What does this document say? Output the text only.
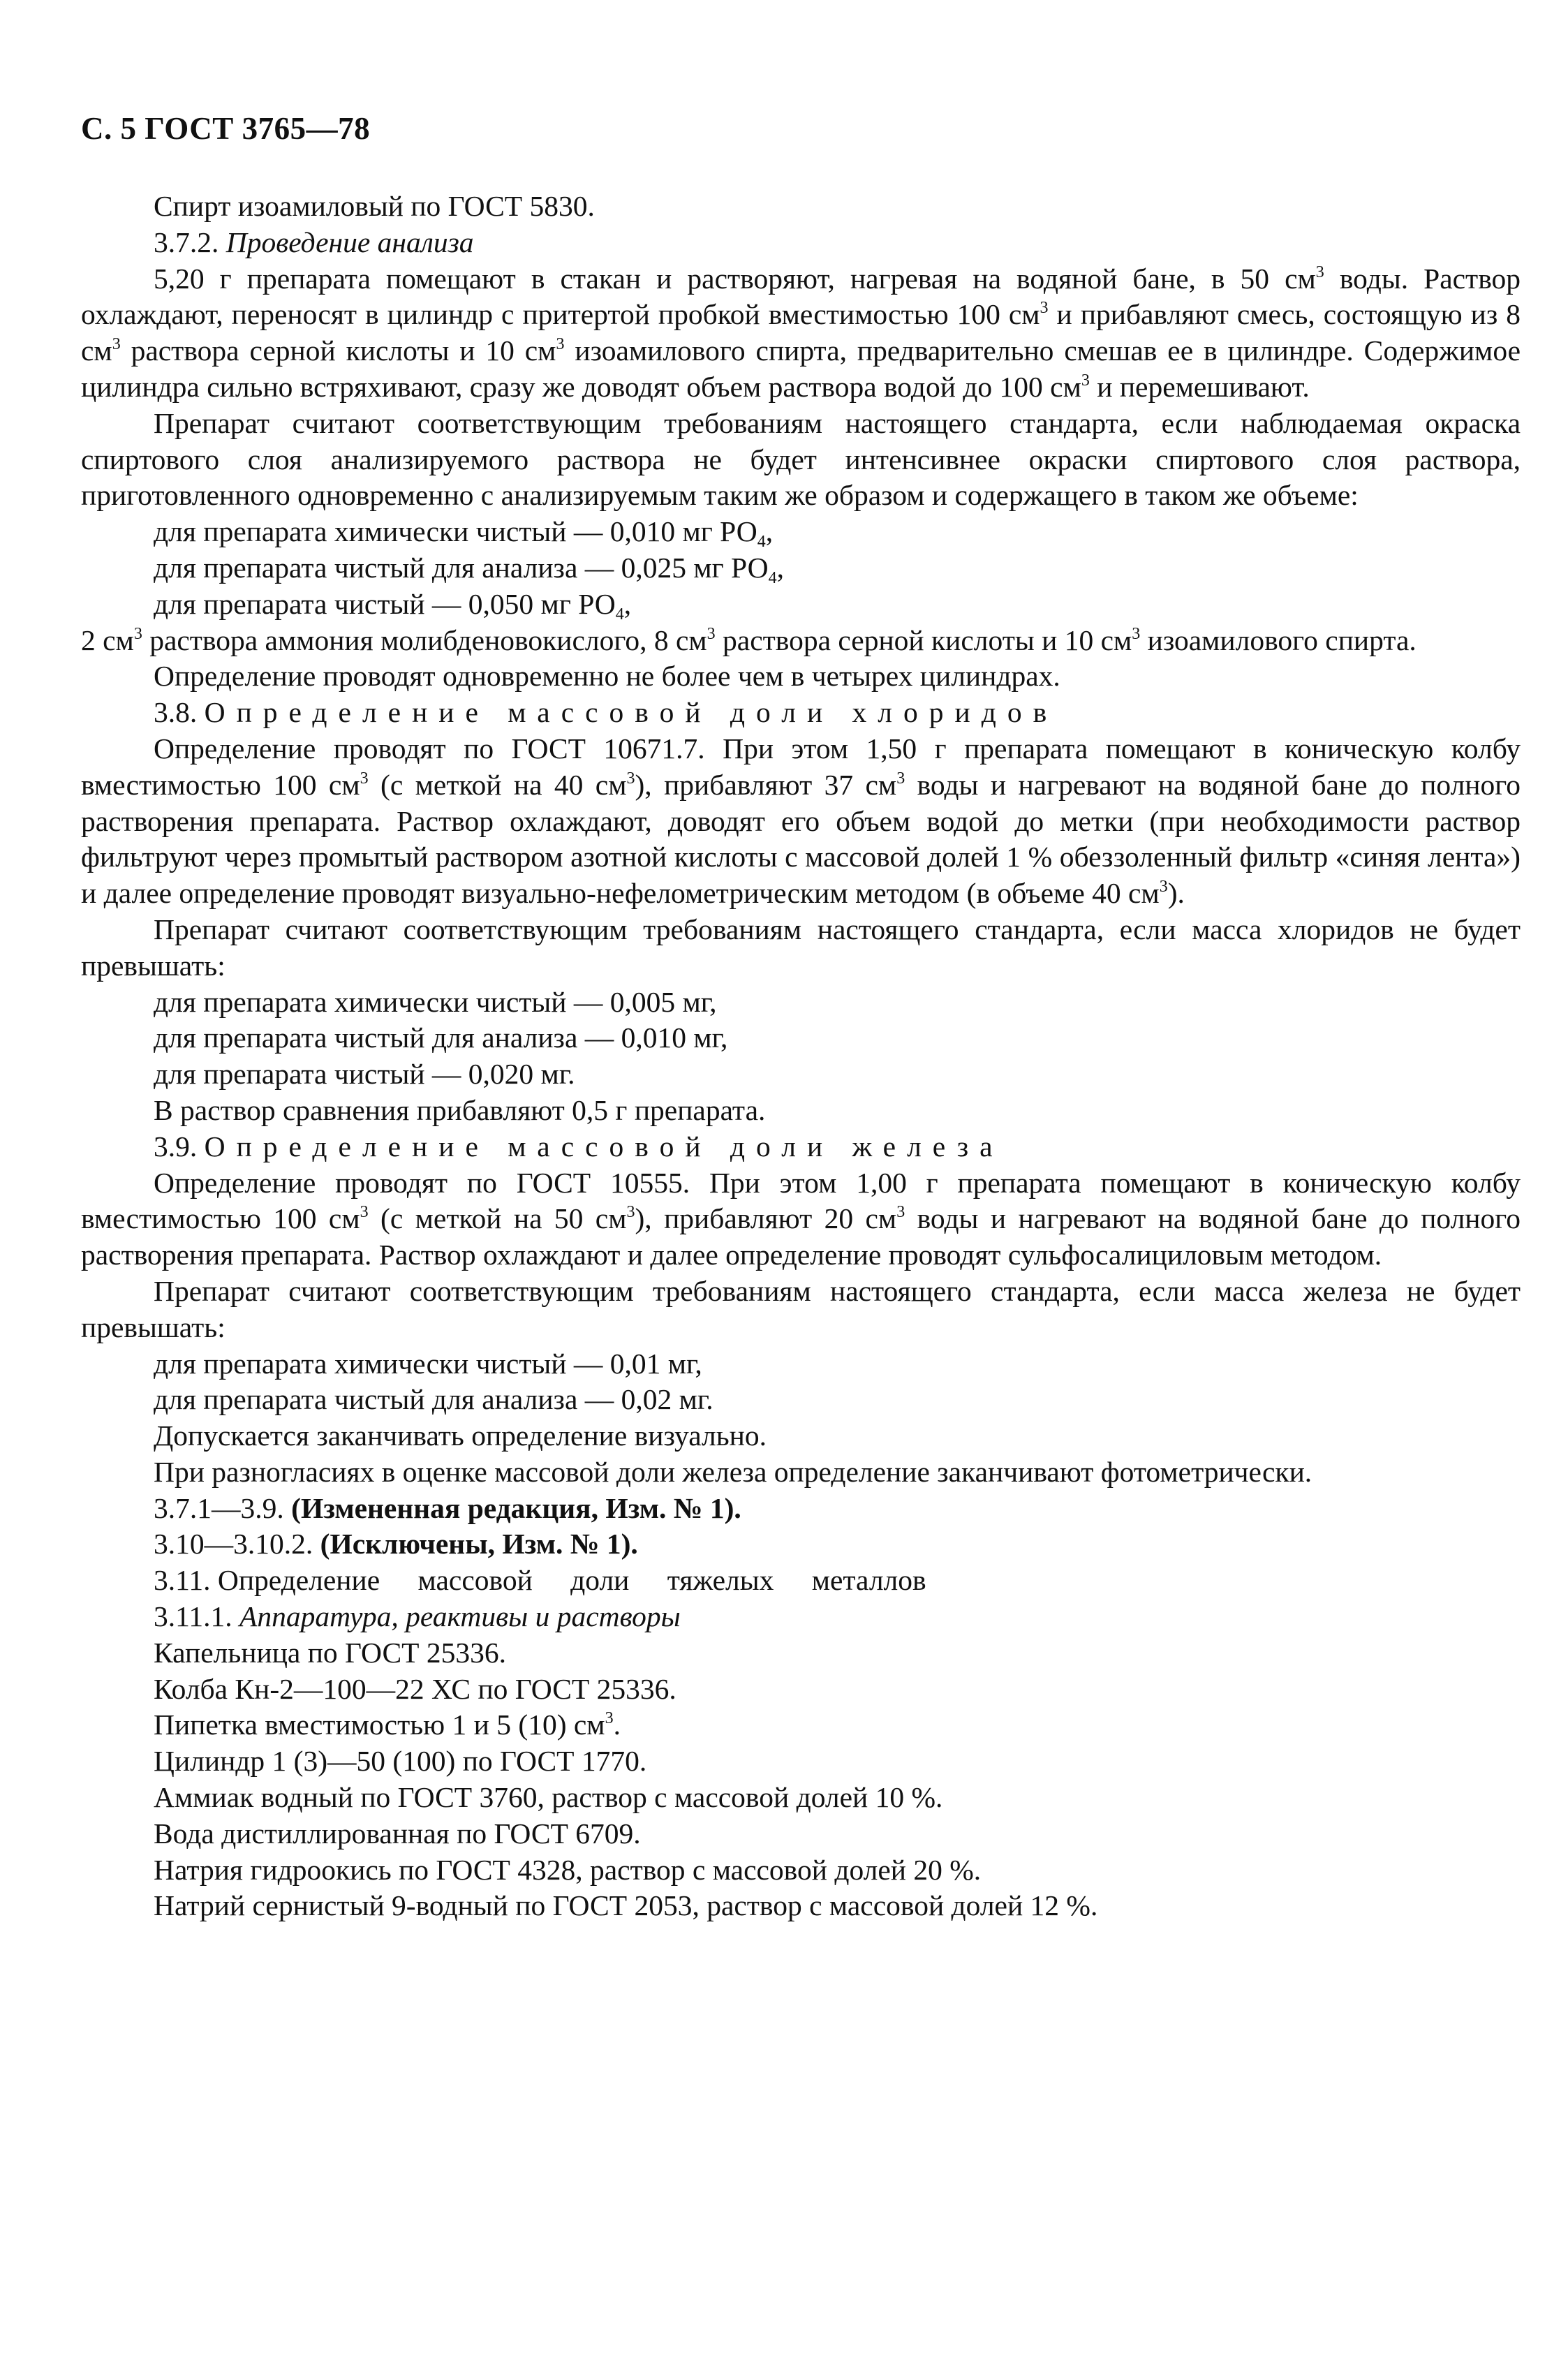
С. 5 ГОСТ 3765—78

Спирт изоамиловый по ГОСТ 5830.

3.7.2. Проведение анализа

5,20 г препарата помещают в стакан и растворяют, нагревая на водяной бане, в 50 $см^3$ воды. Раствор охлаждают, переносят в цилиндр с притертой пробкой вместимостью 100 $см^3$ и прибавляют смесь, состоящую из 8 $см^3$ раствора серной кислоты и 10 $см^3$ изоамилового спирта, предварительно смешав ее в цилиндре. Содержимое цилиндра сильно встряхивают, сразу же доводят объем раствора водой до 100 $см^3$ и перемешивают.

Препарат считают соответствующим требованиям настоящего стандарта, если наблюдаемая окраска спиртового слоя анализируемого раствора не будет интенсивнее окраски спиртового слоя раствора, приготовленного одновременно с анализируемым таким же образом и содержащего в таком же объеме:

для препарата химически чистый — 0,010 мг $РО_4$,

для препарата чистый для анализа — 0,025 мг $РО_4$,

для препарата чистый — 0,050 мг $РО_4$,

2 $см^3$ раствора аммония молибденовокислого, 8 $см^3$ раствора серной кислоты и 10 $см^3$ изоамилового спирта.

Определение проводят одновременно не более чем в четырех цилиндрах.

3.8. Определение массовой доли хлоридов

Определение проводят по ГОСТ 10671.7. При этом 1,50 г препарата помещают в коническую колбу вместимостью 100 $см^3$ (с меткой на 40 $см^3$), прибавляют 37 $см^3$ воды и нагревают на водяной бане до полного растворения препарата. Раствор охлаждают, доводят его объем водой до метки (при необходимости раствор фильтруют через промытый раствором азотной кислоты с массовой долей 1 % обеззоленный фильтр «синяя лента») и далее определение проводят визуально-нефелометрическим методом (в объеме 40 $см^3$).

Препарат считают соответствующим требованиям настоящего стандарта, если масса хлоридов не будет превышать:

для препарата химически чистый — 0,005 мг,

для препарата чистый для анализа — 0,010 мг,

для препарата чистый — 0,020 мг.

В раствор сравнения прибавляют 0,5 г препарата.

3.9. Определение массовой доли железа

Определение проводят по ГОСТ 10555. При этом 1,00 г препарата помещают в коническую колбу вместимостью 100 $см^3$ (с меткой на 50 $см^3$), прибавляют 20 $см^3$ воды и нагревают на водяной бане до полного растворения препарата. Раствор охлаждают и далее определение проводят сульфосалициловым методом.

Препарат считают соответствующим требованиям настоящего стандарта, если масса железа не будет превышать:

для препарата химически чистый — 0,01 мг,

для препарата чистый для анализа — 0,02 мг.

Допускается заканчивать определение визуально.

При разногласиях в оценке массовой доли железа определение заканчивают фотометрически.

3.7.1—3.9. (Измененная редакция, Изм. № 1).

3.10—3.10.2. (Исключены, Изм. № 1).

3.11. Определение массовой доли тяжелых металлов

3.11.1. Аппаратура, реактивы и растворы

Капельница по ГОСТ 25336.

Колба Кн-2—100—22 ХС по ГОСТ 25336.

Пипетка вместимостью 1 и 5 (10) $см^3$.

Цилиндр 1 (3)—50 (100) по ГОСТ 1770.

Аммиак водный по ГОСТ 3760, раствор с массовой долей 10 %.

Вода дистиллированная по ГОСТ 6709.

Натрия гидроокись по ГОСТ 4328, раствор с массовой долей 20 %.

Натрий сернистый 9-водный по ГОСТ 2053, раствор с массовой долей 12 %.
